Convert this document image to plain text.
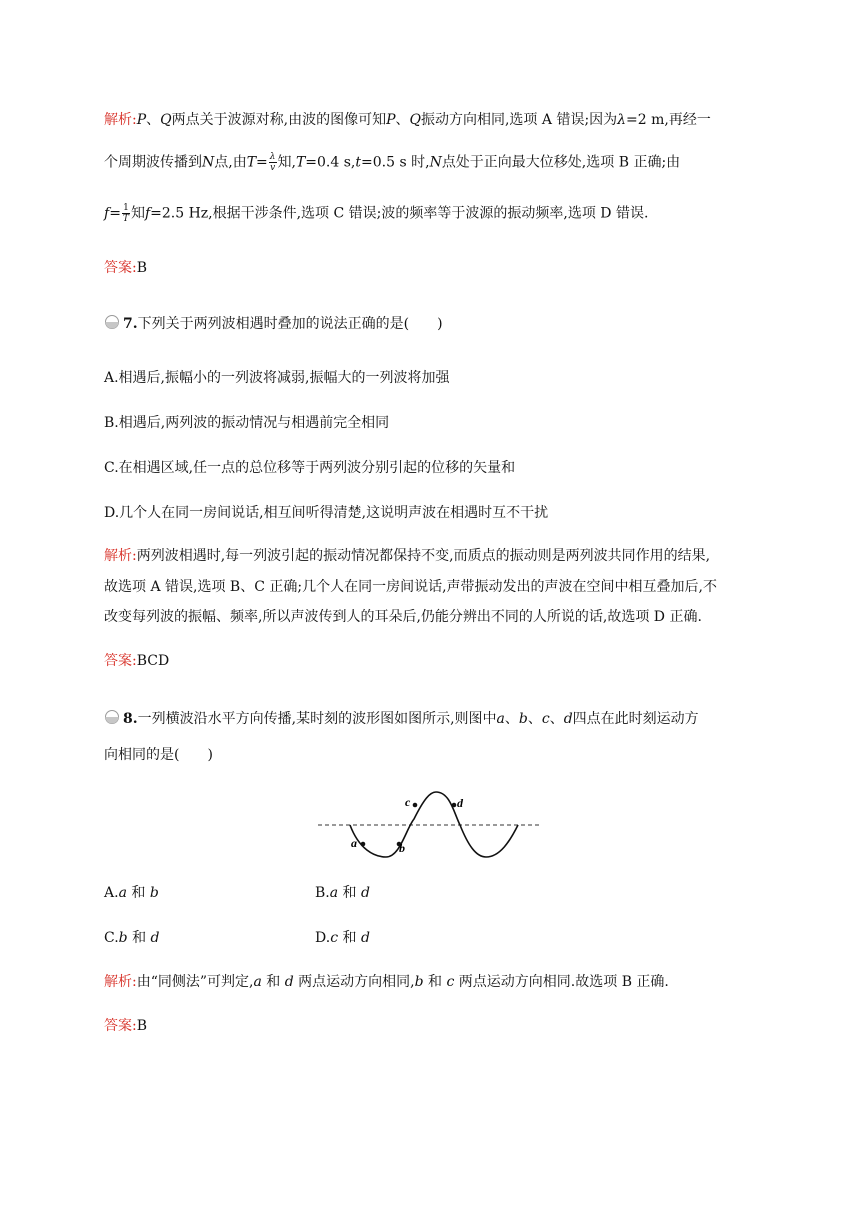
解析:P、Q两点关于波源对称,由波的图像可知P、Q振动方向相同,选项 A 错误;因为λ=2 m,再经一
个周期波传播到N点,由$T= \frac{\lambda}{v}$ 知,T=0.4 s,t=0.5 s 时,N点处于正向最大位移处,选项 B 正确;由
$f= \frac{1}{T}$ 知f=2.5 Hz,根据干涉条件,选项 C 错误;波的频率等于波源的振动频率,选项 D 错误.
答案:B
7.下列关于两列波相遇时叠加的说法正确的是(　　)
A.相遇后,振幅小的一列波将减弱,振幅大的一列波将加强
B.相遇后,两列波的振动情况与相遇前完全相同
C.在相遇区域,任一点的总位移等于两列波分别引起的位移的矢量和
D.几个人在同一房间说话,相互间听得清楚,这说明声波在相遇时互不干扰
解析:两列波相遇时,每一列波引起的振动情况都保持不变,而质点的振动则是两列波共同作用的结果,
故选项 A 错误,选项 B、C 正确;几个人在同一房间说话,声带振动发出的声波在空间中相互叠加后,不
改变每列波的振幅、频率,所以声波传到人的耳朵后,仍能分辨出不同的人所说的话,故选项 D 正确.
答案:BCD
8.一列横波沿水平方向传播,某时刻的波形图如图所示,则图中a、b、c、d四点在此时刻运动方
向相同的是(　　)
a	b
c	d
A.a 和 b	B.a 和 d
C.b 和 d	D.c 和 d
解析:由“同侧法”可判定,a 和 d 两点运动方向相同,b 和 c 两点运动方向相同.故选项 B 正确.
答案:B
